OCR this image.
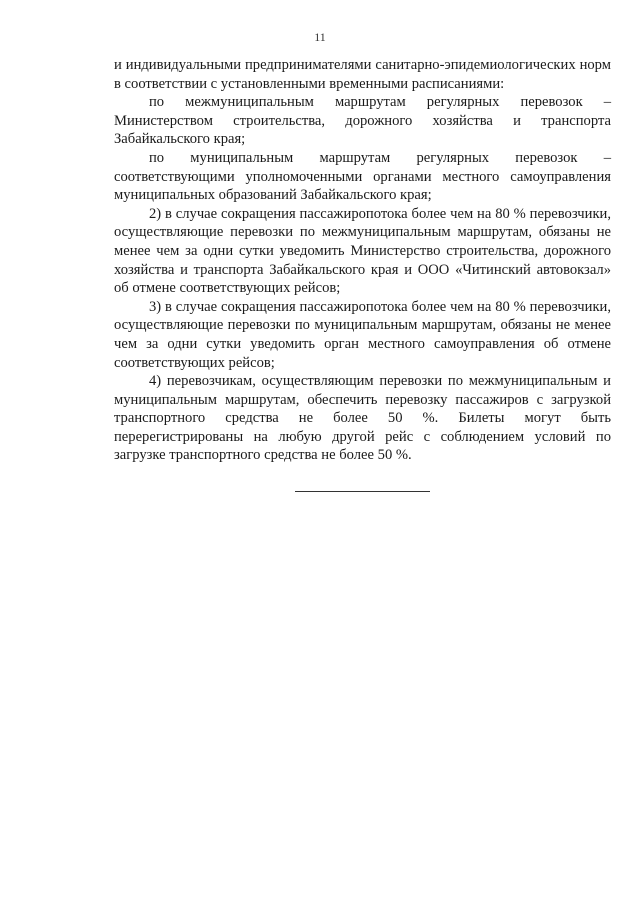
11

и индивидуальными предпринимателями санитарно-эпидемиологических норм в соответствии с установленными временными расписаниями:

по межмуниципальным маршрутам регулярных перевозок – Министерством строительства, дорожного хозяйства и транспорта Забайкальского края;

по муниципальным маршрутам регулярных перевозок – соответствующими уполномоченными органами местного самоуправления муниципальных образований Забайкальского края;

2) в случае сокращения пассажиропотока более чем на 80 % перевозчики, осуществляющие перевозки по межмуниципальным маршрутам, обязаны не менее чем за одни сутки уведомить Министерство строительства, дорожного хозяйства и транспорта Забайкальского края и ООО «Читинский автовокзал» об отмене соответствующих рейсов;

3) в случае сокращения пассажиропотока более чем на 80 % перевозчики, осуществляющие перевозки по муниципальным маршрутам, обязаны не менее чем за одни сутки уведомить орган местного самоуправления об отмене соответствующих рейсов;

4) перевозчикам, осуществляющим перевозки по межмуниципальным и муниципальным маршрутам, обеспечить перевозку пассажиров с загрузкой транспортного средства не более 50 %. Билеты могут быть перерегистрированы на любую другой рейс с соблюдением условий по загрузке транспортного средства не более 50 %.
